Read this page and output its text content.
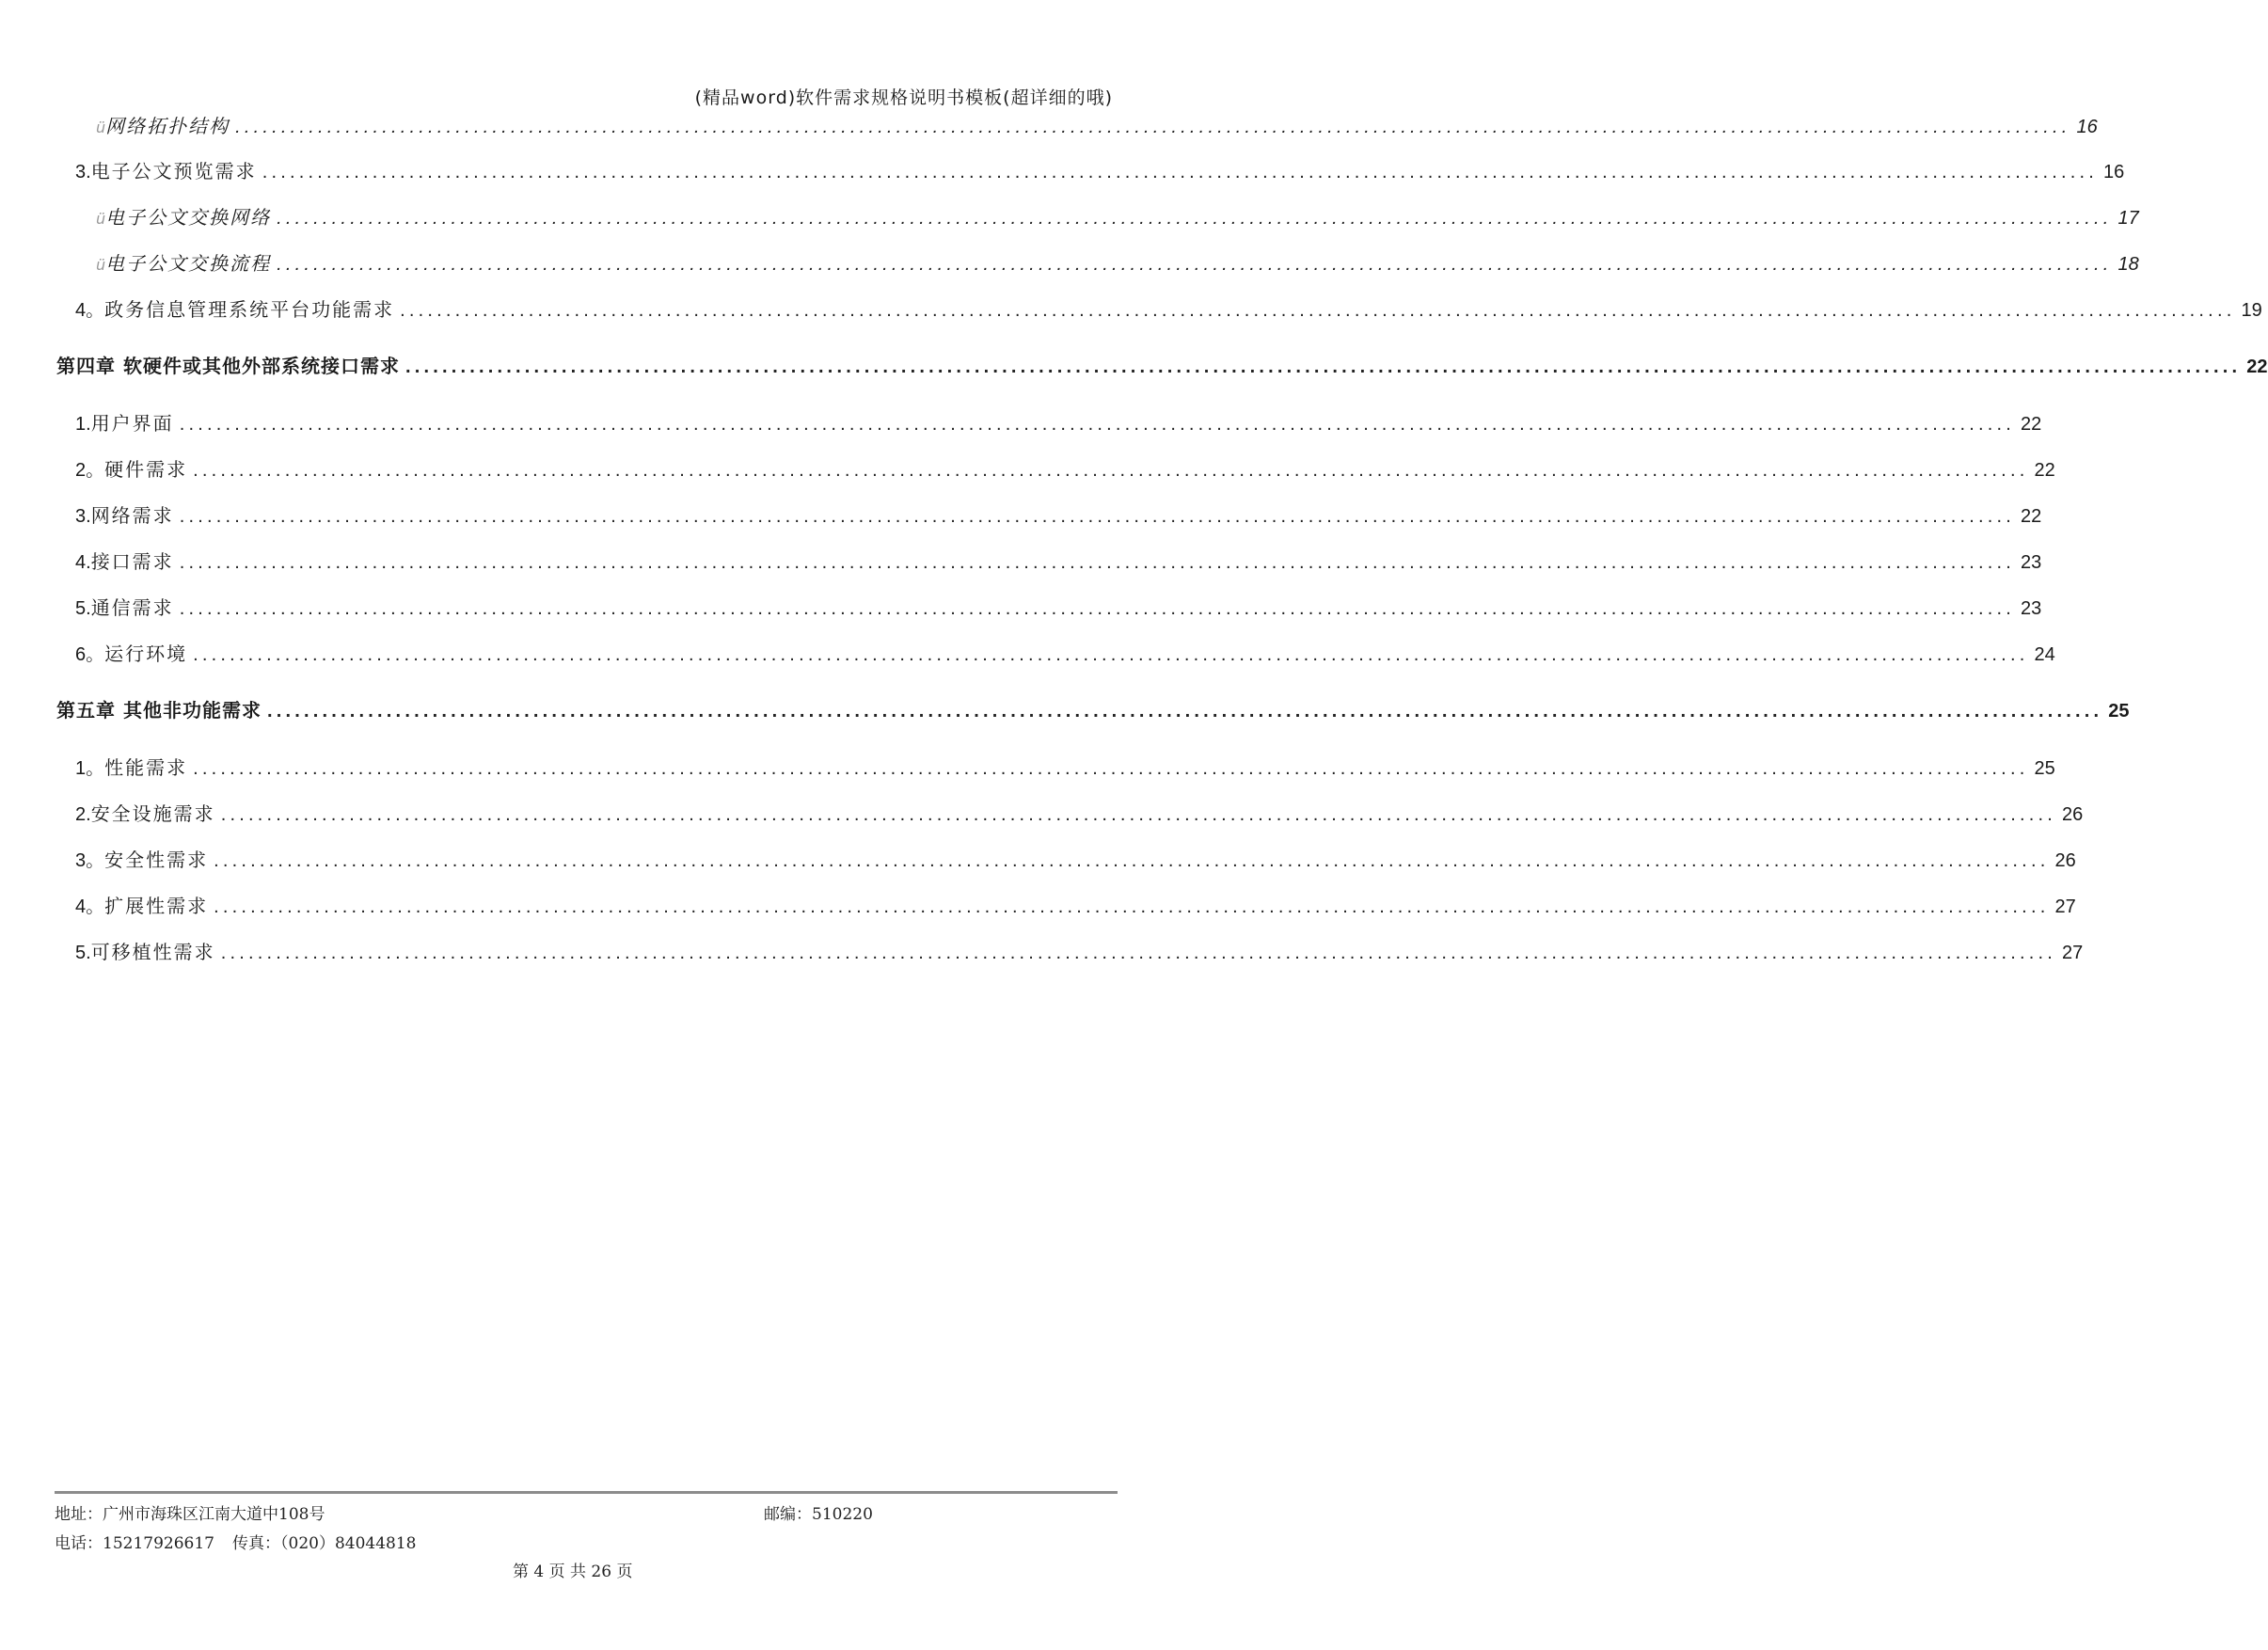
(精品word)软件需求规格说明书模板(超详细的哦)
ü 网络拓扑结构 ........................................................................................................................................................................................................ 16
3. 电子公文预览需求 ........................................................................................................................................................................................................ 16
ü 电子公文交换网络 ........................................................................................................................................................................................................ 17
ü 电子公文交换流程 ........................................................................................................................................................................................................ 18
4。 政务信息管理系统平台功能需求 ........................................................................................................................................................................................................ 19
第四章 软硬件或其他外部系统接口需求 ........................................................................................................................................................................................................ 22
1. 用户界面 ........................................................................................................................................................................................................ 22
2。 硬件需求 ........................................................................................................................................................................................................ 22
3. 网络需求 ........................................................................................................................................................................................................ 22
4. 接口需求 ........................................................................................................................................................................................................ 23
5. 通信需求 ........................................................................................................................................................................................................ 23
6。 运行环境 ........................................................................................................................................................................................................ 24
第五章 其他非功能需求 ........................................................................................................................................................................................................ 25
1。 性能需求 ........................................................................................................................................................................................................ 25
2. 安全设施需求 ........................................................................................................................................................................................................ 26
3。 安全性需求 ........................................................................................................................................................................................................ 26
4。 扩展性需求 ........................................................................................................................................................................................................ 27
5. 可移植性需求 ........................................................................................................................................................................................................ 27
地址：广州市海珠区江南大道中108号	邮编：510220
电话：15217926617 传真：（020）84044818
第 4 页 共 26 页
